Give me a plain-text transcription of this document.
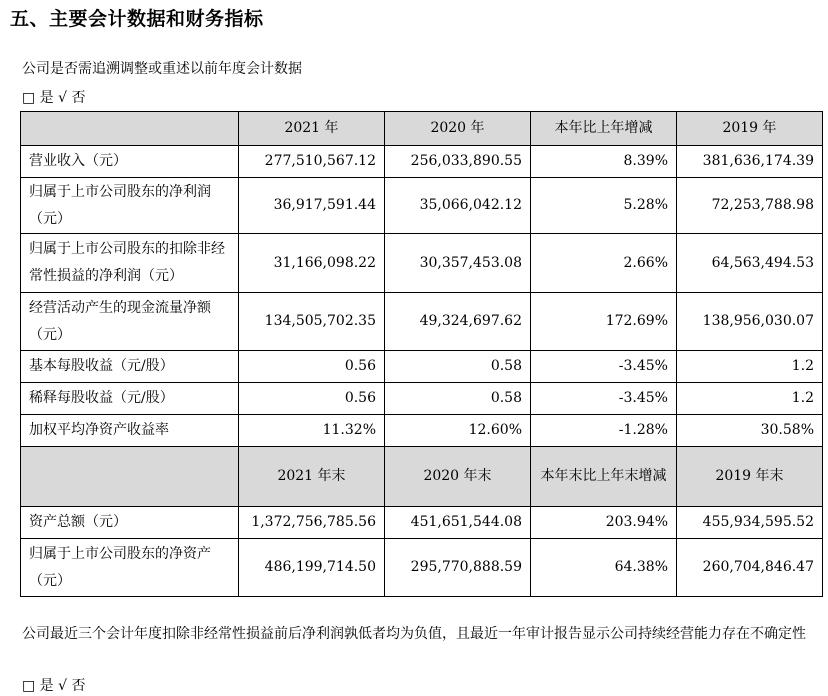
五、主要会计数据和财务指标
公司是否需追溯调整或重述以前年度会计数据
□ 是 √ 否
	2021 年	2020 年	本年比上年增减	2019 年
营业收入（元）	277,510,567.12	256,033,890.55	8.39%	381,636,174.39
归属于上市公司股东的净利润（元）	36,917,591.44	35,066,042.12	5.28%	72,253,788.98
归属于上市公司股东的扣除非经常性损益的净利润（元）	31,166,098.22	30,357,453.08	2.66%	64,563,494.53
经营活动产生的现金流量净额（元）	134,505,702.35	49,324,697.62	172.69%	138,956,030.07
基本每股收益（元/股）	0.56	0.58	-3.45%	1.2
稀释每股收益（元/股）	0.56	0.58	-3.45%	1.2
加权平均净资产收益率	11.32%	12.60%	-1.28%	30.58%
	2021 年末	2020 年末	本年末比上年末增减	2019 年末
资产总额（元）	1,372,756,785.56	451,651,544.08	203.94%	455,934,595.52
归属于上市公司股东的净资产（元）	486,199,714.50	295,770,888.59	64.38%	260,704,846.47
公司最近三个会计年度扣除非经常性损益前后净利润孰低者均为负值，且最近一年审计报告显示公司持续经营能力存在不确定性
□ 是 √ 否
